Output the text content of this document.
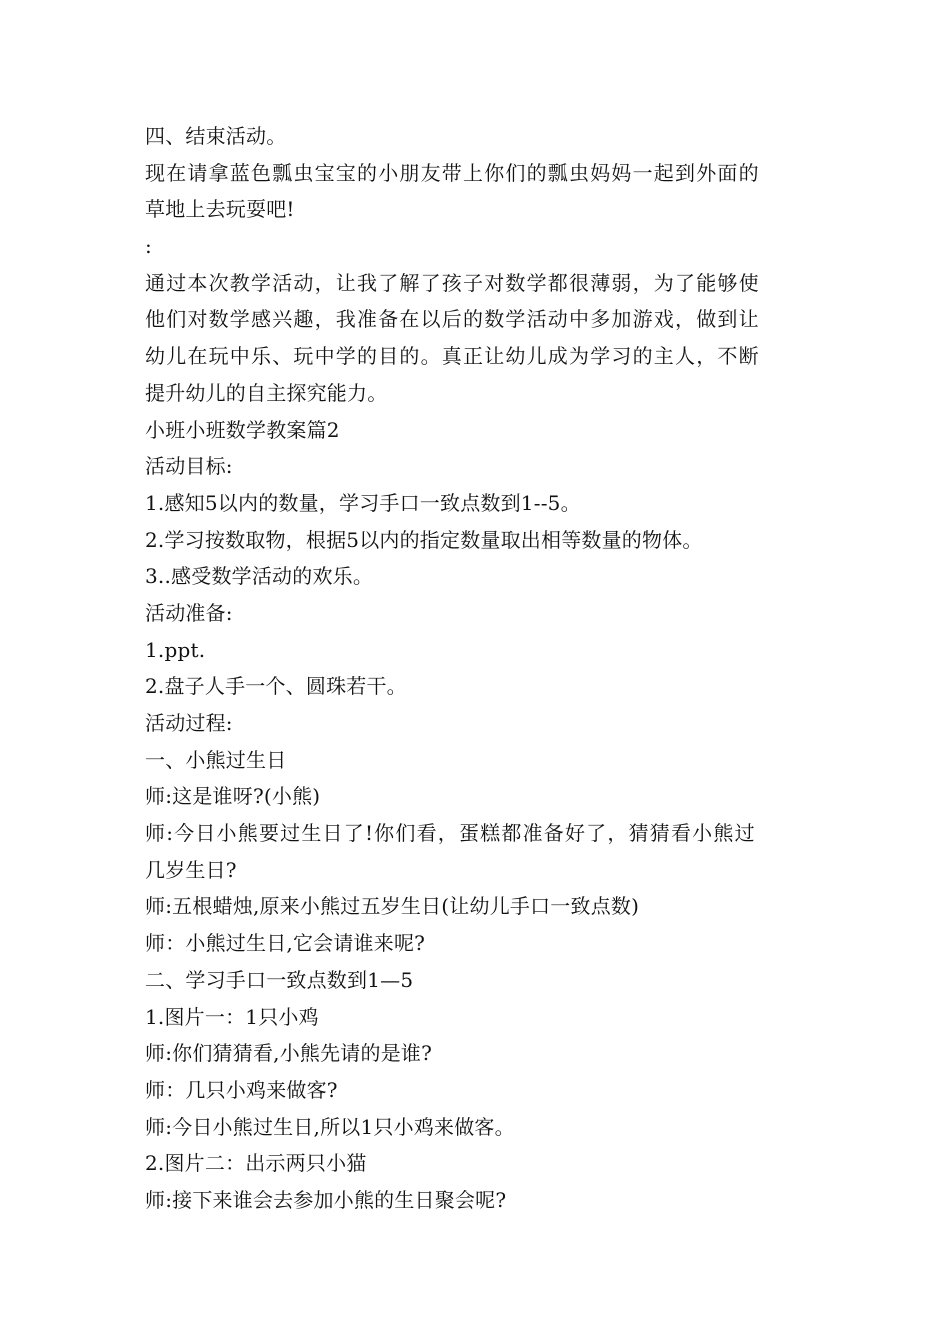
四、结束活动。
现在请拿蓝色瓢虫宝宝的小朋友带上你们的瓢虫妈妈一起到外面的
草地上去玩耍吧!
:
通过本次教学活动，让我了解了孩子对数学都很薄弱，为了能够使
他们对数学感兴趣，我准备在以后的数学活动中多加游戏，做到让
幼儿在玩中乐、玩中学的目的。真正让幼儿成为学习的主人，不断
提升幼儿的自主探究能力。
小班小班数学教案篇2
活动目标:
1.感知5以内的数量，学习手口一致点数到1--5。
2.学习按数取物，根据5以内的指定数量取出相等数量的物体。
3..感受数学活动的欢乐。
活动准备:
1.ppt.
2.盘子人手一个、圆珠若干。
活动过程:
一、小熊过生日
师:这是谁呀?(小熊)
师:今日小熊要过生日了!你们看，蛋糕都准备好了，猜猜看小熊过
几岁生日?
师:五根蜡烛,原来小熊过五岁生日(让幼儿手口一致点数)
师：小熊过生日,它会请谁来呢?
二、学习手口一致点数到1—5
1.图片一：1只小鸡
师:你们猜猜看,小熊先请的是谁?
师：几只小鸡来做客?
师:今日小熊过生日,所以1只小鸡来做客。
2.图片二：出示两只小猫
师:接下来谁会去参加小熊的生日聚会呢?
